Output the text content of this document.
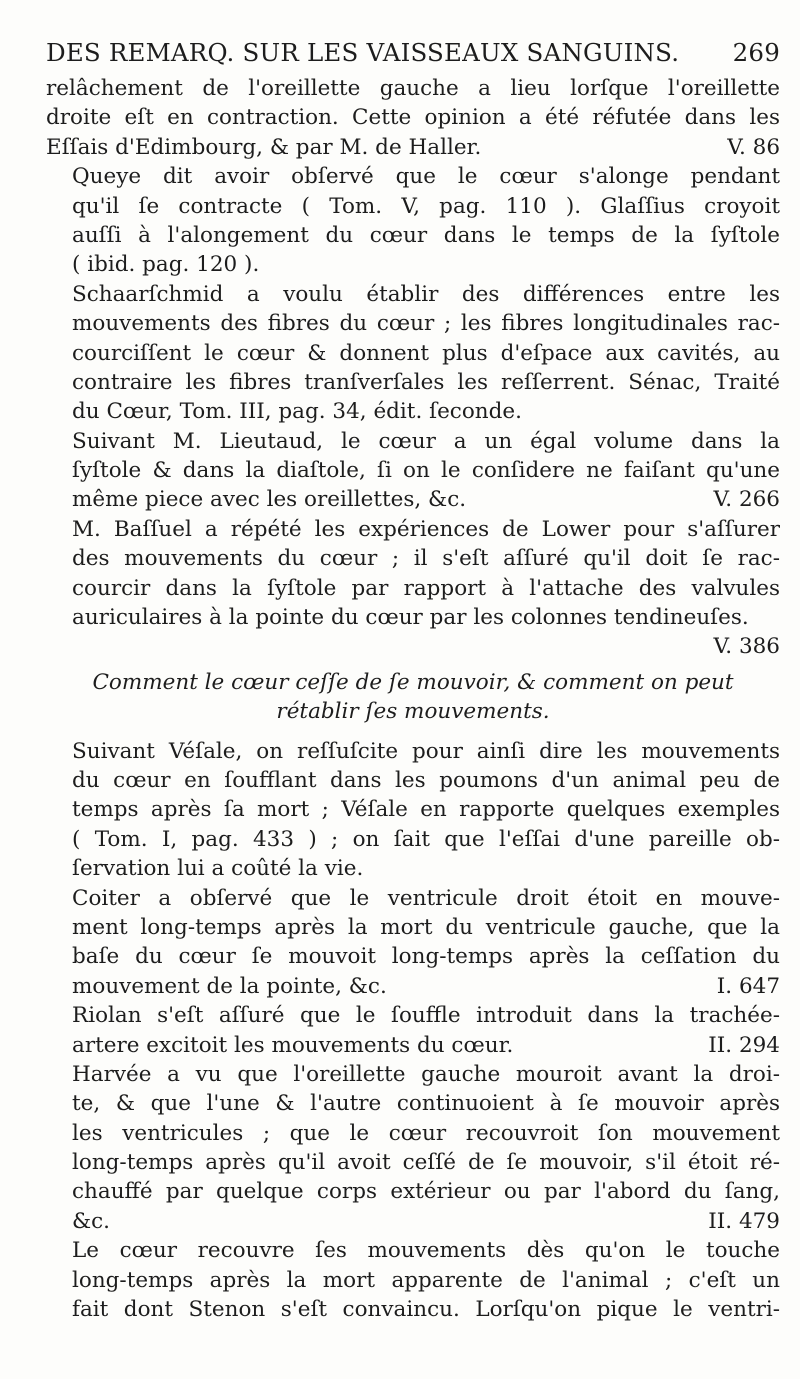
DES REMARQ. SUR LES VAISSEAUX SANGUINS. 269
relâchement de l'oreillette gauche a lieu lorſque l'oreillette
droite eſt en contraction. Cette opinion a été réfutée dans les
Eſſais d'Edimbourg, & par M. de Haller.	V. 86
Queye dit avoir obſervé que le cœur s'alonge pendant
qu'il ſe contracte ( Tom. V, pag. 110 ). Glaſſius croyoit
auſſi à l'alongement du cœur dans le temps de la ſyſtole
( ibid. pag. 120 ).
Schaarſchmid a voulu établir des différences entre les
mouvements des fibres du cœur ; les fibres longitudinales rac-
courciſſent le cœur & donnent plus d'eſpace aux cavités, au
contraire les fibres tranſverſales les reſſerrent. Sénac, Traité
du Cœur, Tom. III, pag. 34, édit. ſeconde.
Suivant M. Lieutaud, le cœur a un égal volume dans la
ſyſtole & dans la diaſtole, ſi on le conſidere ne faiſant qu'une
même piece avec les oreillettes, &c.	V. 266
M. Baſſuel a répété les expériences de Lower pour s'aſſurer
des mouvements du cœur ; il s'eſt aſſuré qu'il doit ſe rac-
courcir dans la ſyſtole par rapport à l'attache des valvules
auriculaires à la pointe du cœur par les colonnes tendineuſes.
V. 386
Comment le cœur ceſſe de ſe mouvoir, & comment on peut
rétablir ſes mouvements.
Suivant Véſale, on reſſuſcite pour ainſi dire les mouvements
du cœur en ſoufflant dans les poumons d'un animal peu de
temps après ſa mort ; Véſale en rapporte quelques exemples
( Tom. I, pag. 433 ) ; on ſait que l'eſſai d'une pareille ob-
ſervation lui a coûté la vie.
Coiter a obſervé que le ventricule droit étoit en mouve-
ment long-temps après la mort du ventricule gauche, que la
baſe du cœur ſe mouvoit long-temps après la ceſſation du
mouvement de la pointe, &c.	I. 647
Riolan s'eſt aſſuré que le ſouffle introduit dans la trachée-
artere excitoit les mouvements du cœur.	II. 294
Harvée a vu que l'oreillette gauche mouroit avant la droi-
te, & que l'une & l'autre continuoient à ſe mouvoir après
les ventricules ; que le cœur recouvroit ſon mouvement
long-temps après qu'il avoit ceſſé de ſe mouvoir, s'il étoit ré-
chauffé par quelque corps extérieur ou par l'abord du ſang,
&c.	II. 479
Le cœur recouvre ſes mouvements dès qu'on le touche
long-temps après la mort apparente de l'animal ; c'eſt un
fait dont Stenon s'eſt convaincu. Lorſqu'on pique le ventri-
